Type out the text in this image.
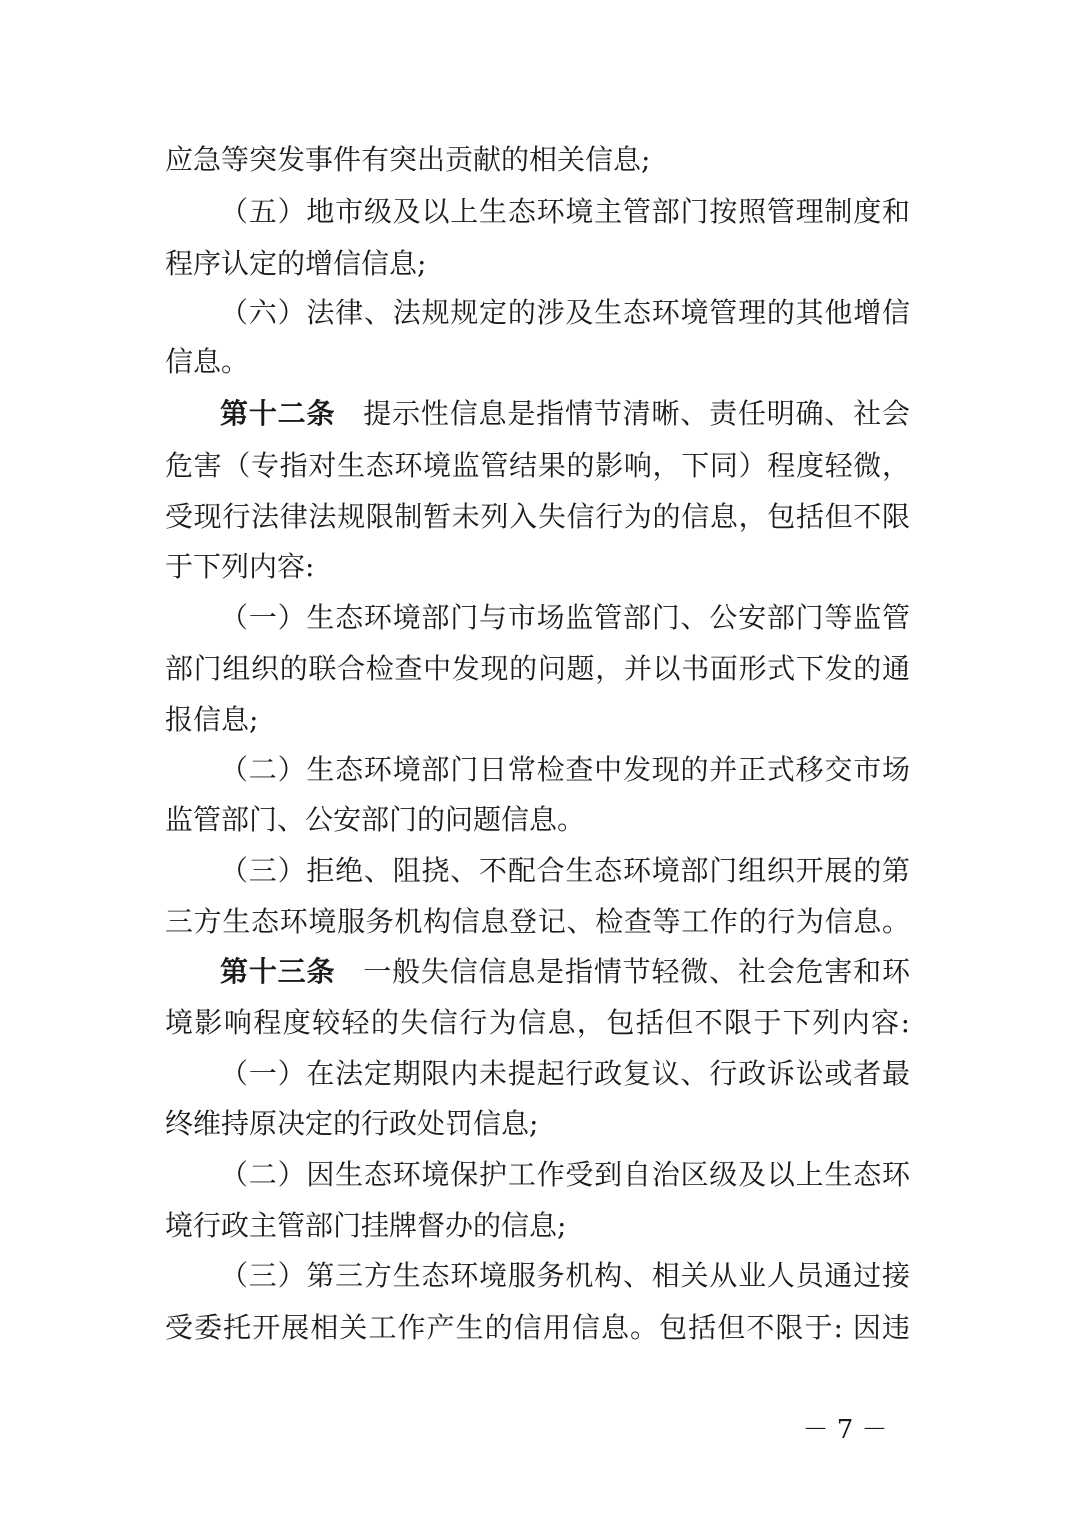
应急等突发事件有突出贡献的相关信息;
（五）地市级及以上生态环境主管部门按照管理制度和
程序认定的增信信息;
（六）法律、法规规定的涉及生态环境管理的其他增信
信息。
第十二条 提示性信息是指情节清晰、责任明确、社会
危害（专指对生态环境监管结果的影响，下同）程度轻微，
受现行法律法规限制暂未列入失信行为的信息，包括但不限
于下列内容:
（一）生态环境部门与市场监管部门、公安部门等监管
部门组织的联合检查中发现的问题，并以书面形式下发的通
报信息;
（二）生态环境部门日常检查中发现的并正式移交市场
监管部门、公安部门的问题信息。
（三）拒绝、阻挠、不配合生态环境部门组织开展的第
三方生态环境服务机构信息登记、检查等工作的行为信息。
第十三条 一般失信信息是指情节轻微、社会危害和环
境影响程度较轻的失信行为信息，包括但不限于下列内容:
（一）在法定期限内未提起行政复议、行政诉讼或者最
终维持原决定的行政处罚信息;
（二）因生态环境保护工作受到自治区级及以上生态环
境行政主管部门挂牌督办的信息;
（三）第三方生态环境服务机构、相关从业人员通过接
受委托开展相关工作产生的信用信息。包括但不限于: 因违
－ 7 －
